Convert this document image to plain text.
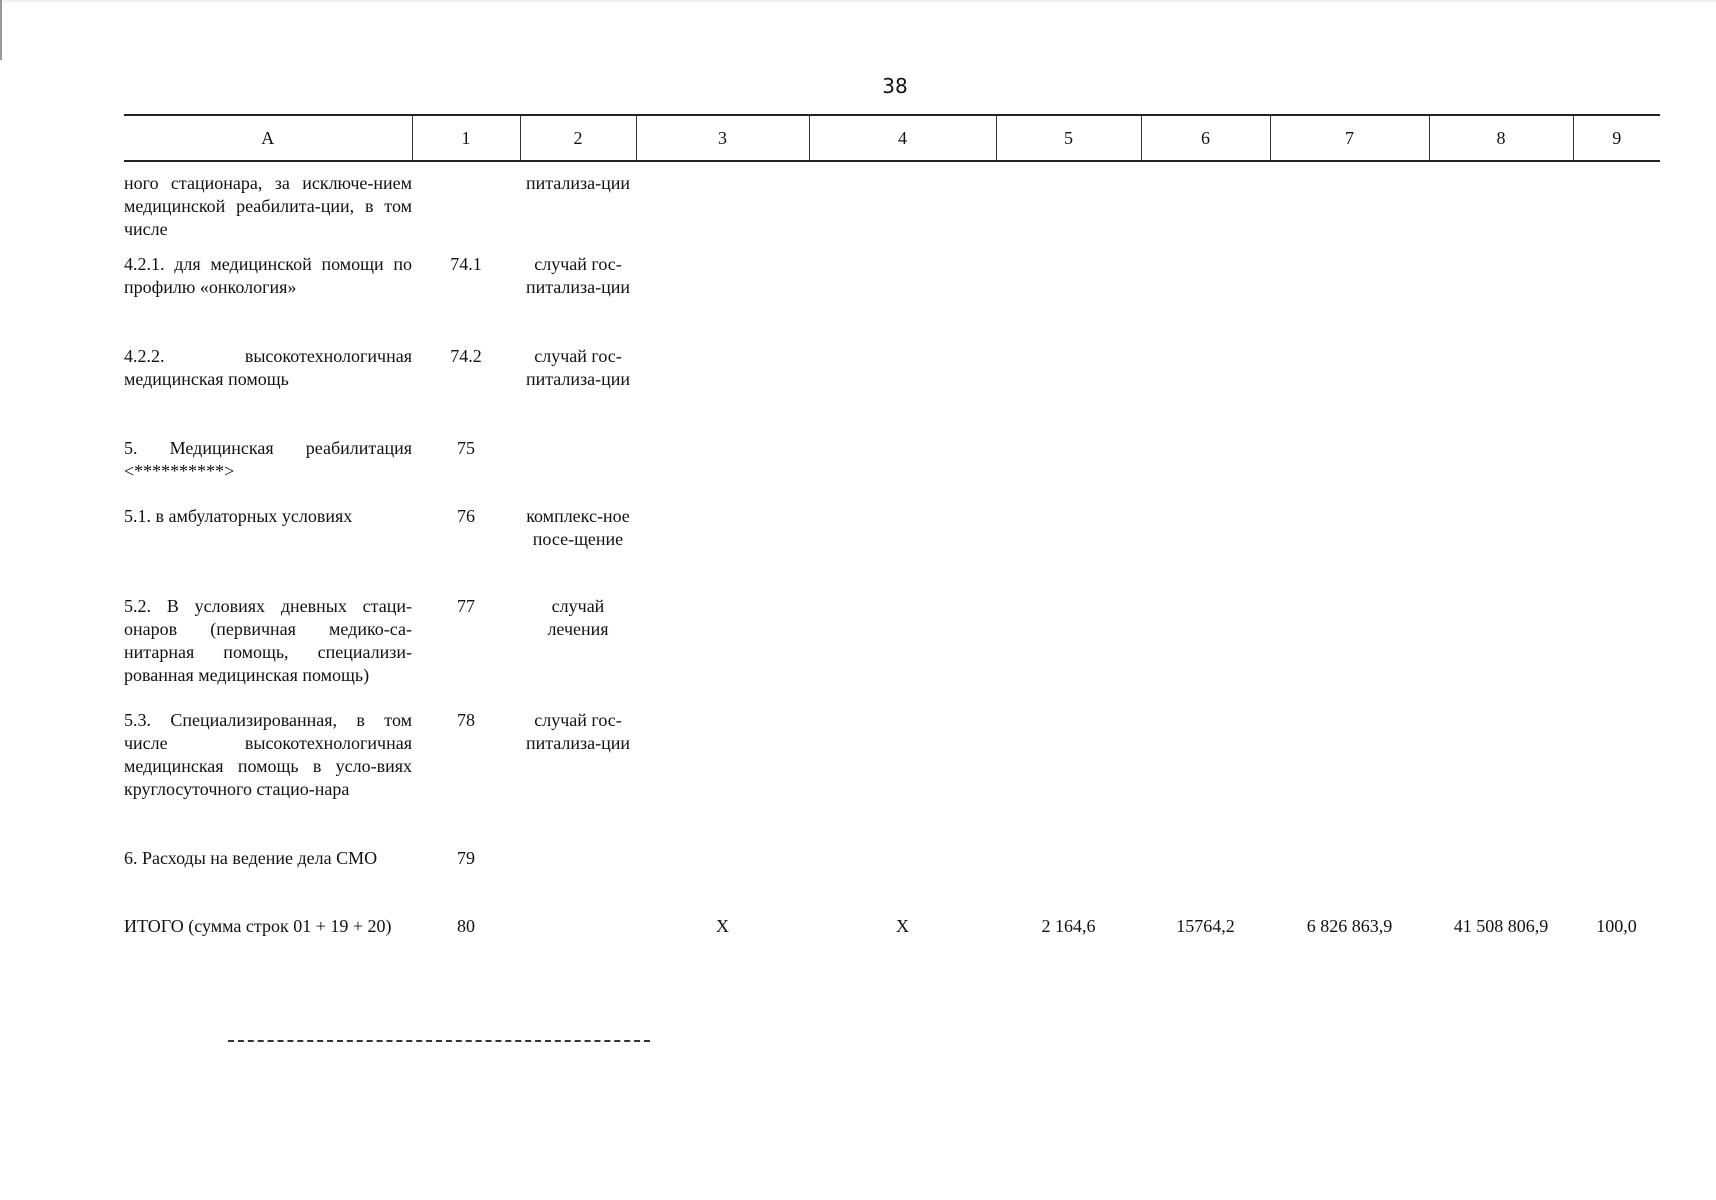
38
А	1	2	3	4	5	6	7	8	9
ного стационара, за исключе-нием медицинской реабилита-ции, в том числе		питализа-ции							
4.2.1. для медицинской помощи по профилю «онкология»	74.1	случай гос-питализа-ции							
4.2.2. высокотехнологичная медицинская помощь	74.2	случай гос-питализа-ции							
5. Медицинская реабилитация <**********>	75								
5.1. в амбулаторных условиях	76	комплекс-ное посе-щение							
5.2. В условиях дневных стаци-онаров (первичная медико-са-нитарная помощь, специализи-рованная медицинская помощь)	77	случай лечения							
5.3. Специализированная, в том числе высокотехнологичная медицинская помощь в усло-виях круглосуточного стацио-нара	78	случай гос-питализа-ции							
6. Расходы на ведение дела СМО	79								
ИТОГО (сумма строк 01 + 19 + 20)	80		Х	Х	2 164,6	15764,2	6 826 863,9	41 508 806,9	100,0
